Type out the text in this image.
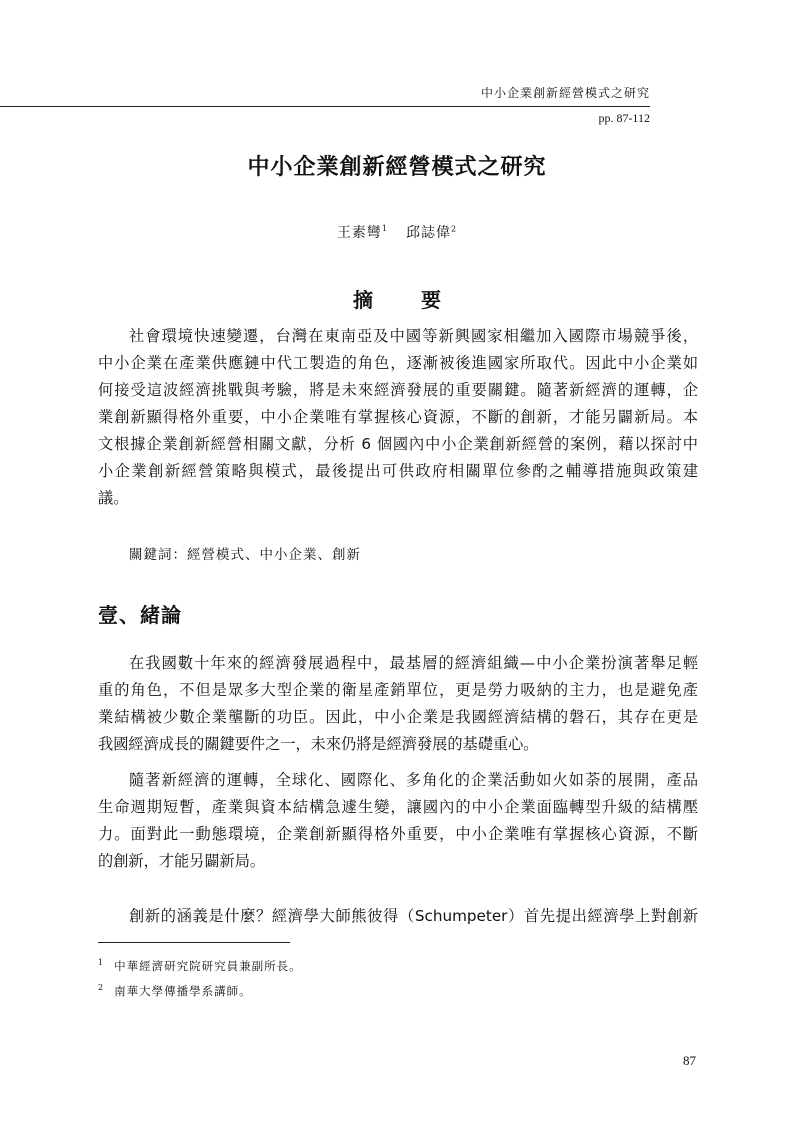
中小企業創新經營模式之研究
pp. 87-112
中小企業創新經營模式之研究
王素彎$^1$ 邱誌偉$^2$
摘　要

社會環境快速變遷，台灣在東南亞及中國等新興國家相繼加入國際市場競爭後，
中小企業在產業供應鏈中代工製造的角色，逐漸被後進國家所取代。因此中小企業如
何接受這波經濟挑戰與考驗，將是未來經濟發展的重要關鍵。隨著新經濟的運轉，企
業創新顯得格外重要，中小企業唯有掌握核心資源，不斷的創新，才能另闢新局。本
文根據企業創新經營相關文獻，分析 6 個國內中小企業創新經營的案例，藉以探討中
小企業創新經營策略與模式，最後提出可供政府相關單位參酌之輔導措施與政策建
議。

關鍵詞：經營模式、中小企業、創新
壹、緒論

在我國數十年來的經濟發展過程中，最基層的經濟組織—中小企業扮演著舉足輕
重的角色，不但是眾多大型企業的衛星產銷單位，更是勞力吸納的主力，也是避免產
業結構被少數企業壟斷的功臣。因此，中小企業是我國經濟結構的磐石，其存在更是
我國經濟成長的關鍵要件之一，未來仍將是經濟發展的基礎重心。

隨著新經濟的運轉，全球化、國際化、多角化的企業活動如火如荼的展開，產品
生命週期短暫，產業與資本結構急遽生變，讓國內的中小企業面臨轉型升級的結構壓
力。面對此一動態環境，企業創新顯得格外重要，中小企業唯有掌握核心資源，不斷
的創新，才能另闢新局。

創新的涵義是什麼？經濟學大師熊彼得（Schumpeter）首先提出經濟學上對創新

$^1$ 中華經濟研究院研究員兼副所長。
$^2$ 南華大學傳播學系講師。
87
